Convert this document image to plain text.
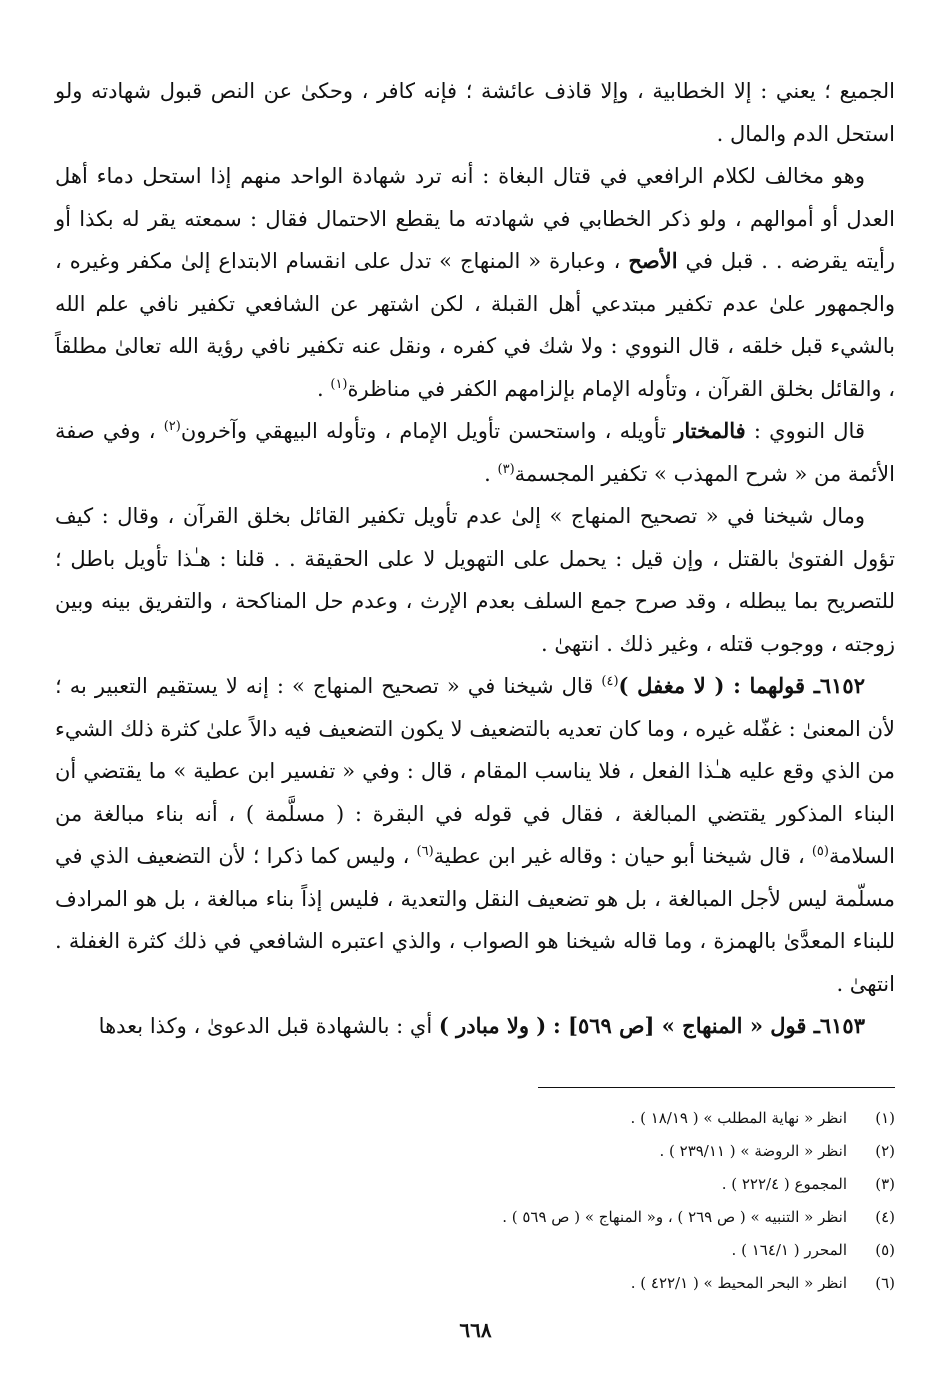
الجميع ؛ يعني : إلا الخطابية ، وإلا قاذف عائشة ؛ فإنه كافر ، وحكىٰ عن النص قبول شهادته ولو استحل الدم والمال .

وهو مخالف لكلام الرافعي في قتال البغاة : أنه ترد شهادة الواحد منهم إذا استحل دماء أهل العدل أو أموالهم ، ولو ذكر الخطابي في شهادته ما يقطع الاحتمال فقال : سمعته يقر له بكذا أو رأيته يقرضه . . قبل في الأصح ، وعبارة « المنهاج » تدل على انقسام الابتداع إلىٰ مكفر وغيره ، والجمهور علىٰ عدم تكفير مبتدعي أهل القبلة ، لكن اشتهر عن الشافعي تكفير نافي علم الله بالشيء قبل خلقه ، قال النووي : ولا شك في كفره ، ونقل عنه تكفير نافي رؤية الله تعالىٰ مطلقاً ، والقائل بخلق القرآن ، وتأوله الإمام بإلزامهم الكفر في مناظرة$^{(١)}$ .

قال النووي : فالمختار تأويله ، واستحسن تأويل الإمام ، وتأوله البيهقي وآخرون$^{(٢)}$ ، وفي صفة الأئمة من « شرح المهذب » تكفير المجسمة$^{(٣)}$ .

ومال شيخنا في « تصحيح المنهاج » إلىٰ عدم تأويل تكفير القائل بخلق القرآن ، وقال : كيف تؤول الفتوىٰ بالقتل ، وإن قيل : يحمل على التهويل لا على الحقيقة . . قلنا : هـٰذا تأويل باطل ؛ للتصريح بما يبطله ، وقد صرح جمع السلف بعدم الإرث ، وعدم حل المناكحة ، والتفريق بينه وبين زوجته ، ووجوب قتله ، وغير ذلك . انتهىٰ .

٦١٥٢ـ قولهما : ( لا مغفل )$^{(٤)}$ قال شيخنا في « تصحيح المنهاج » : إنه لا يستقيم التعبير به ؛ لأن المعنىٰ : غفّله غيره ، وما كان تعديه بالتضعيف لا يكون التضعيف فيه دالاً علىٰ كثرة ذلك الشيء من الذي وقع عليه هـٰذا الفعل ، فلا يناسب المقام ، قال : وفي « تفسير ابن عطية » ما يقتضي أن البناء المذكور يقتضي المبالغة ، فقال في قوله في البقرة : ( مسلَّمة ) ، أنه بناء مبالغة من السلامة$^{(٥)}$ ، قال شيخنا أبو حيان : وقاله غير ابن عطية$^{(٦)}$ ، وليس كما ذكرا ؛ لأن التضعيف الذي في مسلّمة ليس لأجل المبالغة ، بل هو تضعيف النقل والتعدية ، فليس إذاً بناء مبالغة ، بل هو المرادف للبناء المعدَّىٰ بالهمزة ، وما قاله شيخنا هو الصواب ، والذي اعتبره الشافعي في ذلك كثرة الغفلة . انتهىٰ .

٦١٥٣ـ قول « المنهاج » [ص ٥٦٩] : ( ولا مبادر ) أي : بالشهادة قبل الدعوىٰ ، وكذا بعدها

(١)
انظر « نهاية المطلب » ( ١٨/١٩ ) .
(٢)
انظر « الروضة » ( ٢٣٩/١١ ) .
(٣)
المجموع ( ٢٢٢/٤ ) .
(٤)
انظر « التنبيه » ( ص ٢٦٩ ) ، و« المنهاج » ( ص ٥٦٩ ) .
(٥)
المحرر ( ١٦٤/١ ) .
(٦)
انظر « البحر المحيط » ( ٤٢٢/١ ) .
٦٦٨
